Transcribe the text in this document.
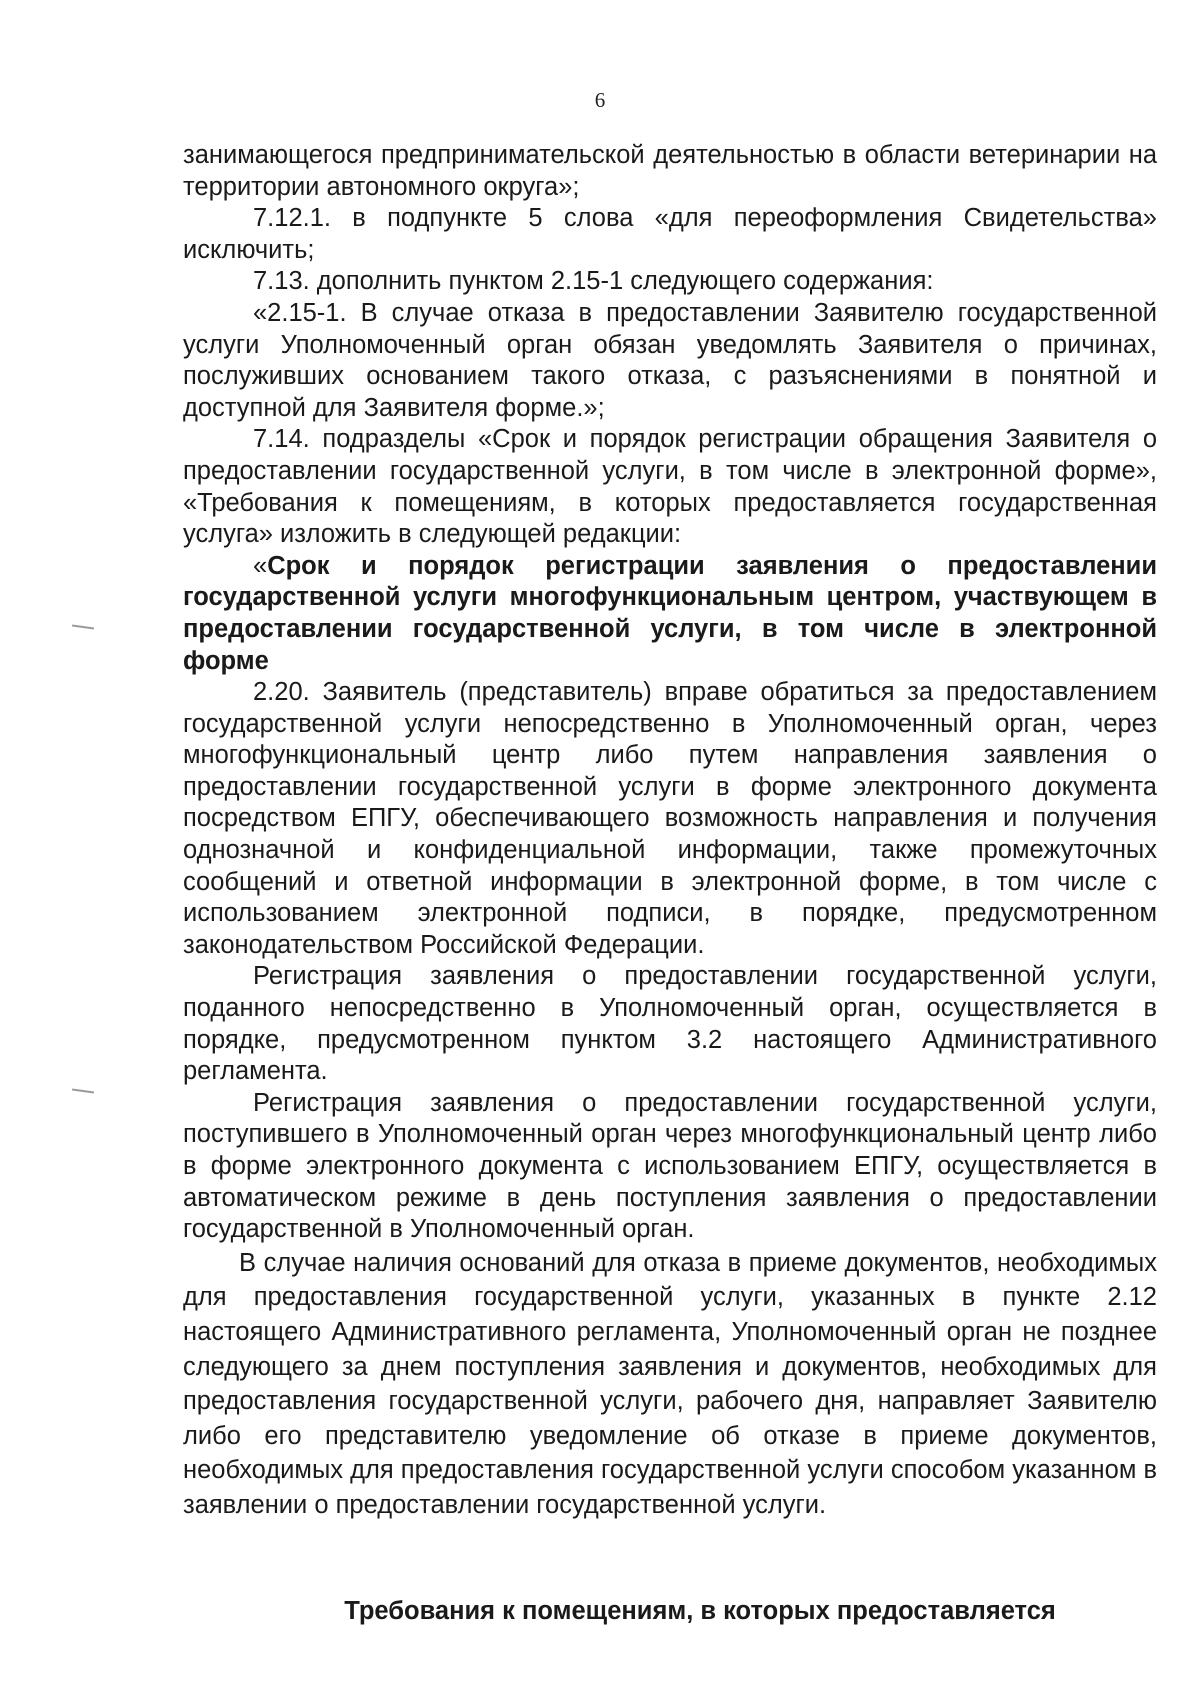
6

занимающегося предпринимательской деятельностью в области ветеринарии на территории автономного округа»;

7.12.1. в подпункте 5 слова «для переоформления Свидетельства» исключить;

7.13. дополнить пунктом 2.15-1 следующего содержания:

«2.15-1. В случае отказа в предоставлении Заявителю государственной услуги Уполномоченный орган обязан уведомлять Заявителя о причинах, послуживших основанием такого отказа, с разъяснениями в понятной и доступной для Заявителя форме.»;

7.14. подразделы «Срок и порядок регистрации обращения Заявителя о предоставлении государственной услуги, в том числе в электронной форме», «Требования к помещениям, в которых предоставляется государственная услуга» изложить в следующей редакции:

«Срок и порядок регистрации заявления о предоставлении государственной услуги многофункциональным центром, участвующем в предоставлении государственной услуги, в том числе в электронной форме

2.20. Заявитель (представитель) вправе обратиться за предоставлением государственной услуги непосредственно в Уполномоченный орган, через многофункциональный центр либо путем направления заявления о предоставлении государственной услуги в форме электронного документа посредством ЕПГУ, обеспечивающего возможность направления и получения однозначной и конфиденциальной информации, также промежуточных сообщений и ответной информации в электронной форме, в том числе с использованием электронной подписи, в порядке, предусмотренном законодательством Российской Федерации.

Регистрация заявления о предоставлении государственной услуги, поданного непосредственно в Уполномоченный орган, осуществляется в порядке, предусмотренном пунктом 3.2 настоящего Административного регламента.

Регистрация заявления о предоставлении государственной услуги, поступившего в Уполномоченный орган через многофункциональный центр либо в форме электронного документа с использованием ЕПГУ, осуществляется в автоматическом режиме в день поступления заявления о предоставлении государственной в Уполномоченный орган.

В случае наличия оснований для отказа в приеме документов, необходимых для предоставления государственной услуги, указанных в пункте 2.12 настоящего Административного регламента, Уполномоченный орган не позднее следующего за днем поступления заявления и документов, необходимых для предоставления государственной услуги, рабочего дня, направляет Заявителю либо его представителю уведомление об отказе в приеме документов, необходимых для предоставления государственной услуги способом указанном в заявлении о предоставлении государственной услуги.

Требования к помещениям, в которых предоставляется
